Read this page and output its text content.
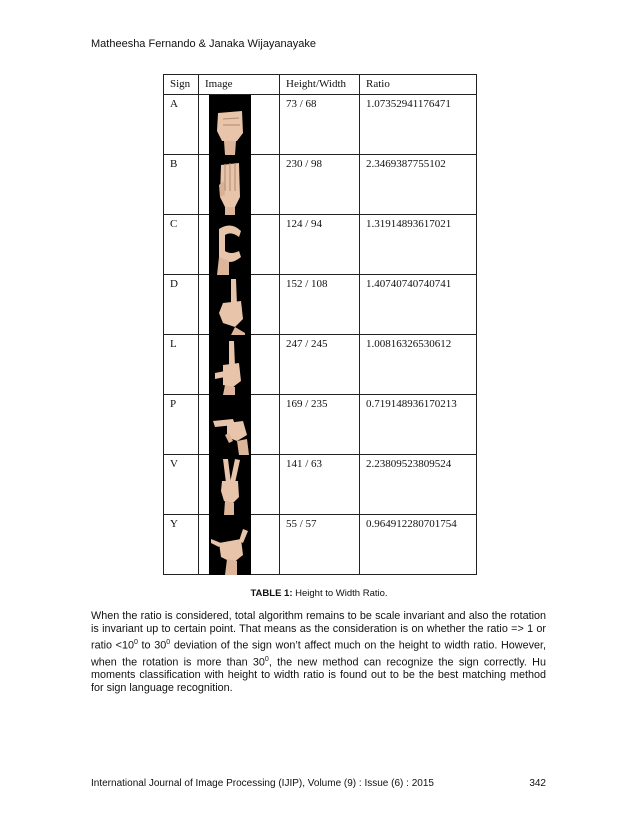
Matheesha Fernando & Janaka Wijayanayake
Sign	Image	Height/Width	Ratio
A		73 / 68	1.07352941176471
B		230 / 98	2.3469387755102
C		124 / 94	1.31914893617021
D		152 / 108	1.40740740740741
L		247 / 245	1.00816326530612
P		169 / 235	0.719148936170213
V		141 / 63	2.23809523809524
Y		55 / 57	0.964912280701754
TABLE 1: Height to Width Ratio.
When the ratio is considered, total algorithm remains to be scale invariant and also the rotation is invariant up to certain point. That means as the consideration is on whether the ratio => 1 or ratio $<10^0$ to $30^0$ deviation of the sign won’t affect much on the height to width ratio. However, when the rotation is more than $30^0$, the new method can recognize the sign correctly. Hu moments classification with height to width ratio is found out to be the best matching method for sign language recognition.
International Journal of Image Processing (IJIP), Volume (9) : Issue (6) : 2015	342
